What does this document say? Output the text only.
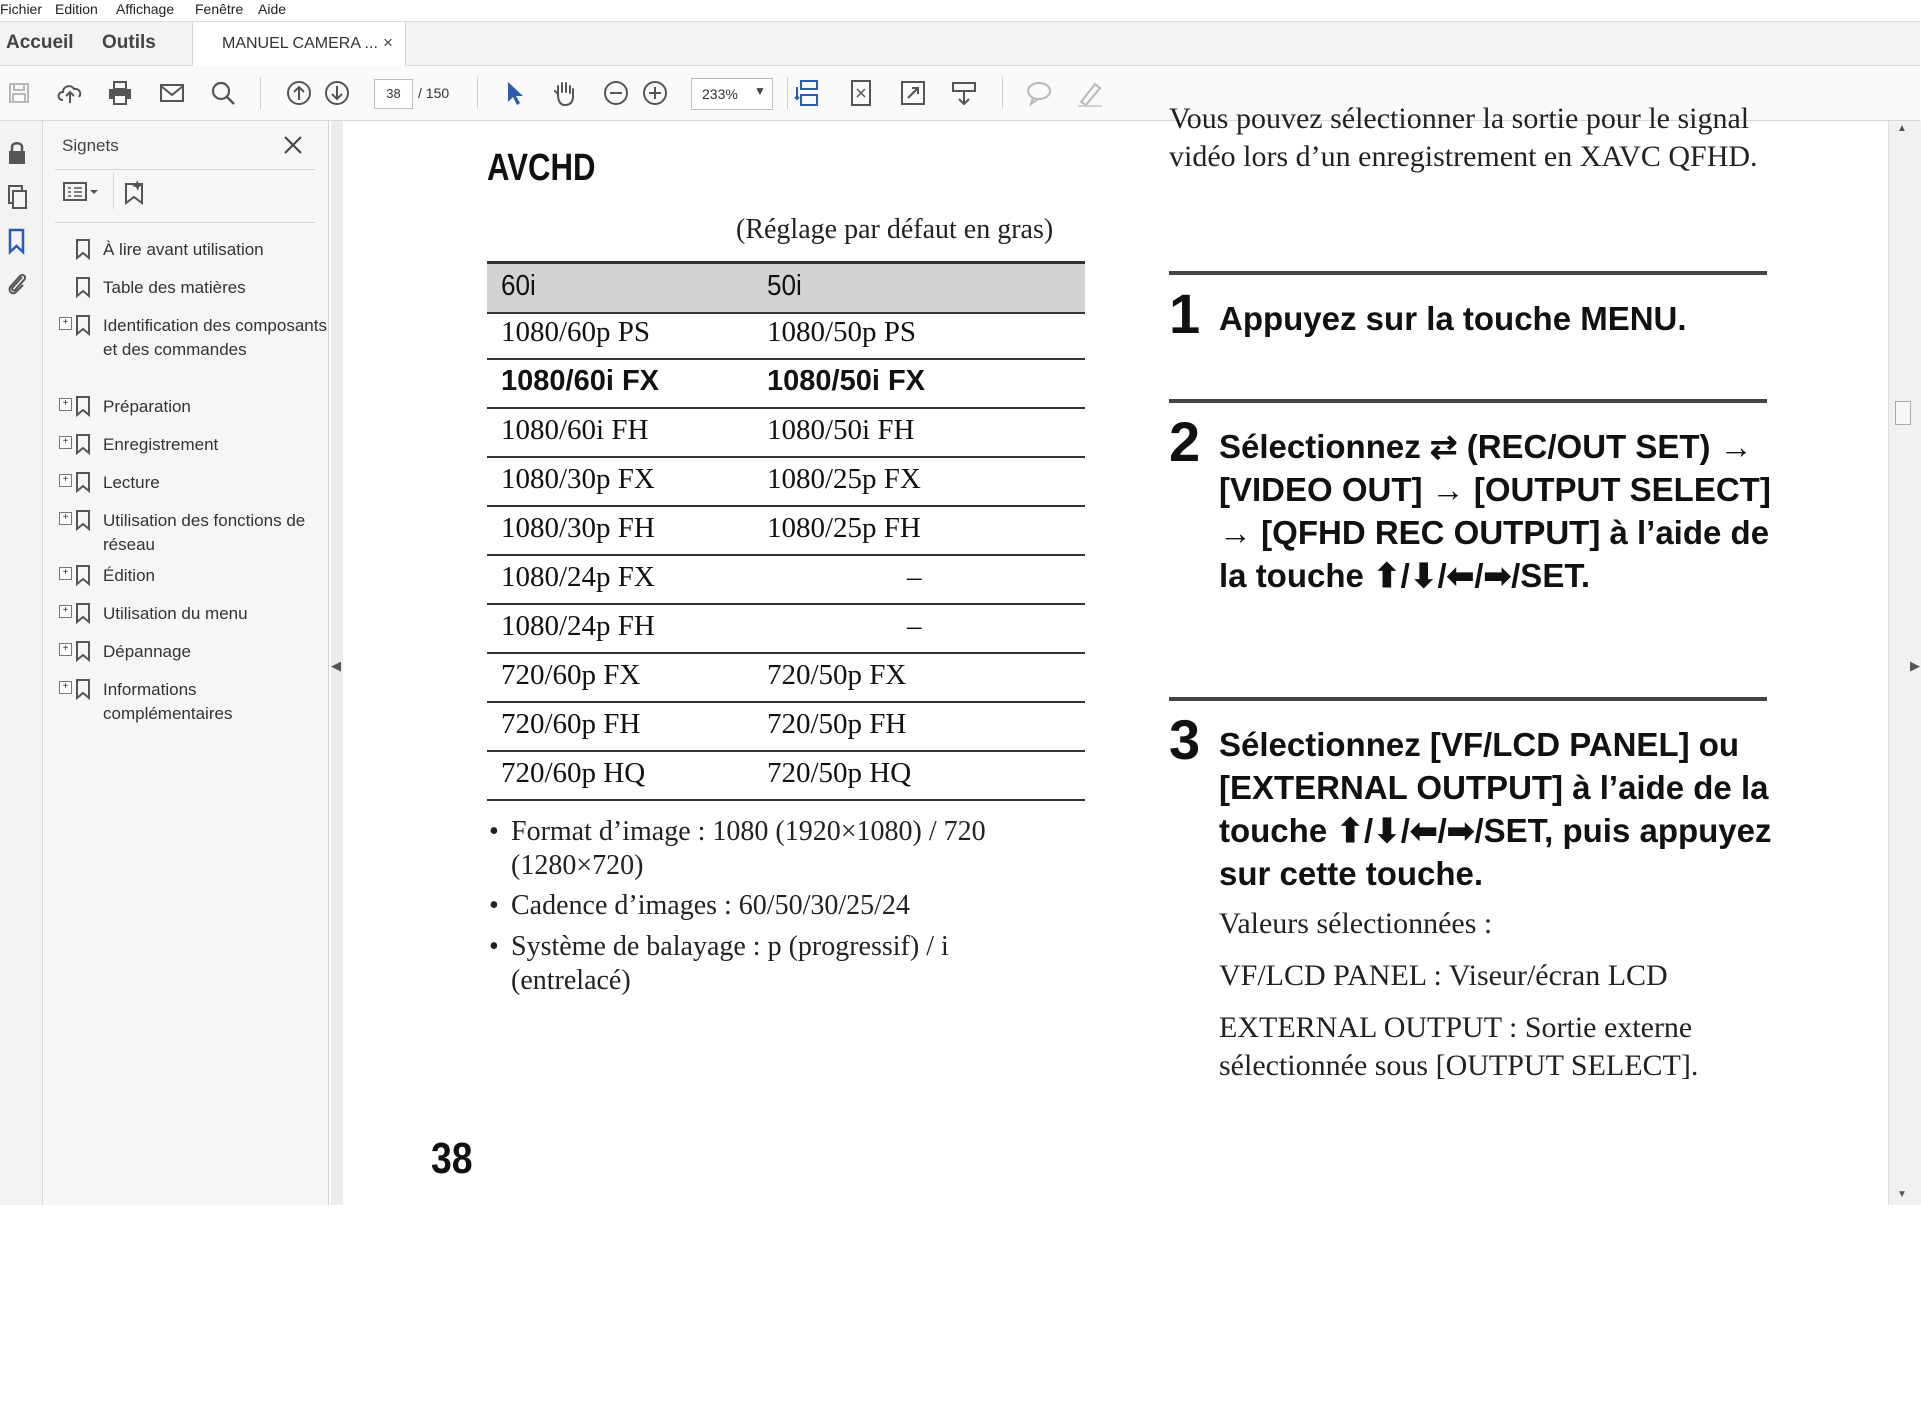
Fichier Edition Affichage Fenêtre Aide
Accueil Outils	MANUEL CAMERA ... ×
38	/ 150	233% ▼
Signets
À lire avant utilisation
Table des matières
+ Identification des composants et des commandes
+ Préparation
+ Enregistrement
+ Lecture
+ Utilisation des fonctions de réseau
+ Édition
+ Utilisation du menu
+ Dépannage
+ Informations complémentaires
AVCHD
(Réglage par défaut en gras)
60i	50i
1080/60p PS	1080/50p PS
1080/60i FX	1080/50i FX
1080/60i FH	1080/50i FH
1080/30p FX	1080/25p FX
1080/30p FH	1080/25p FH
1080/24p FX	–
1080/24p FH	–
720/60p FX	720/50p FX
720/60p FH	720/50p FH
720/60p HQ	720/50p HQ
• Format d’image : 1080 (1920×1080) / 720 (1280×720)
• Cadence d’images : 60/50/30/25/24
• Système de balayage : p (progressif) / i (entrelacé)
38
Vous pouvez sélectionner la sortie pour le signal vidéo lors d’un enregistrement en XAVC QFHD.
1 Appuyez sur la touche MENU.
2 Sélectionnez ⇄ (REC/OUT SET) → [VIDEO OUT] → [OUTPUT SELECT] → [QFHD REC OUTPUT] à l’aide de la touche ⬆/⬇/⬅/➡/SET.
3 Sélectionnez [VF/LCD PANEL] ou [EXTERNAL OUTPUT] à l’aide de la touche ⬆/⬇/⬅/➡/SET, puis appuyez sur cette touche.
Valeurs sélectionnées :
VF/LCD PANEL : Viseur/écran LCD
EXTERNAL OUTPUT : Sortie externe sélectionnée sous [OUTPUT SELECT].
◀
▲
▼
▶
